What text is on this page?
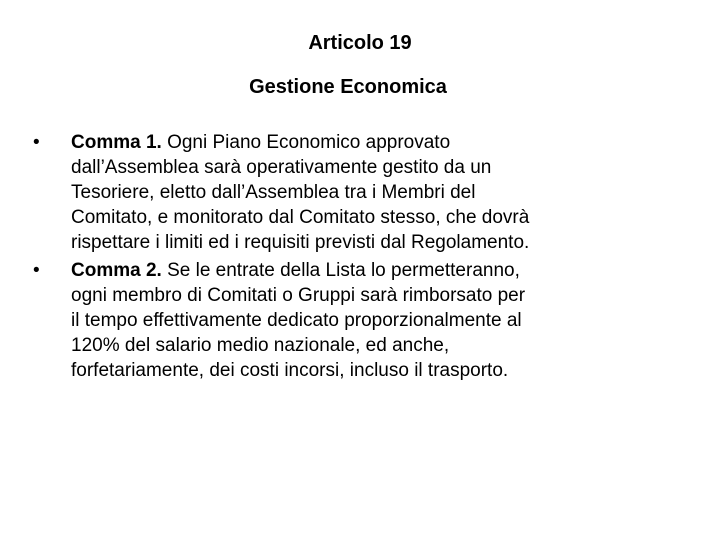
Articolo 19
Gestione Economica
•	Comma 1. Ogni Piano Economico approvato
dall’Assemblea sarà operativamente gestito da un
Tesoriere, eletto dall’Assemblea tra i Membri del
Comitato, e monitorato dal Comitato stesso, che dovrà
rispettare i limiti ed i requisiti previsti dal Regolamento.
•	Comma 2. Se le entrate della Lista lo permetteranno,
ogni membro di Comitati o Gruppi sarà rimborsato per
il tempo effettivamente dedicato proporzionalmente al
120% del salario medio nazionale, ed anche,
forfetariamente, dei costi incorsi, incluso il trasporto.
